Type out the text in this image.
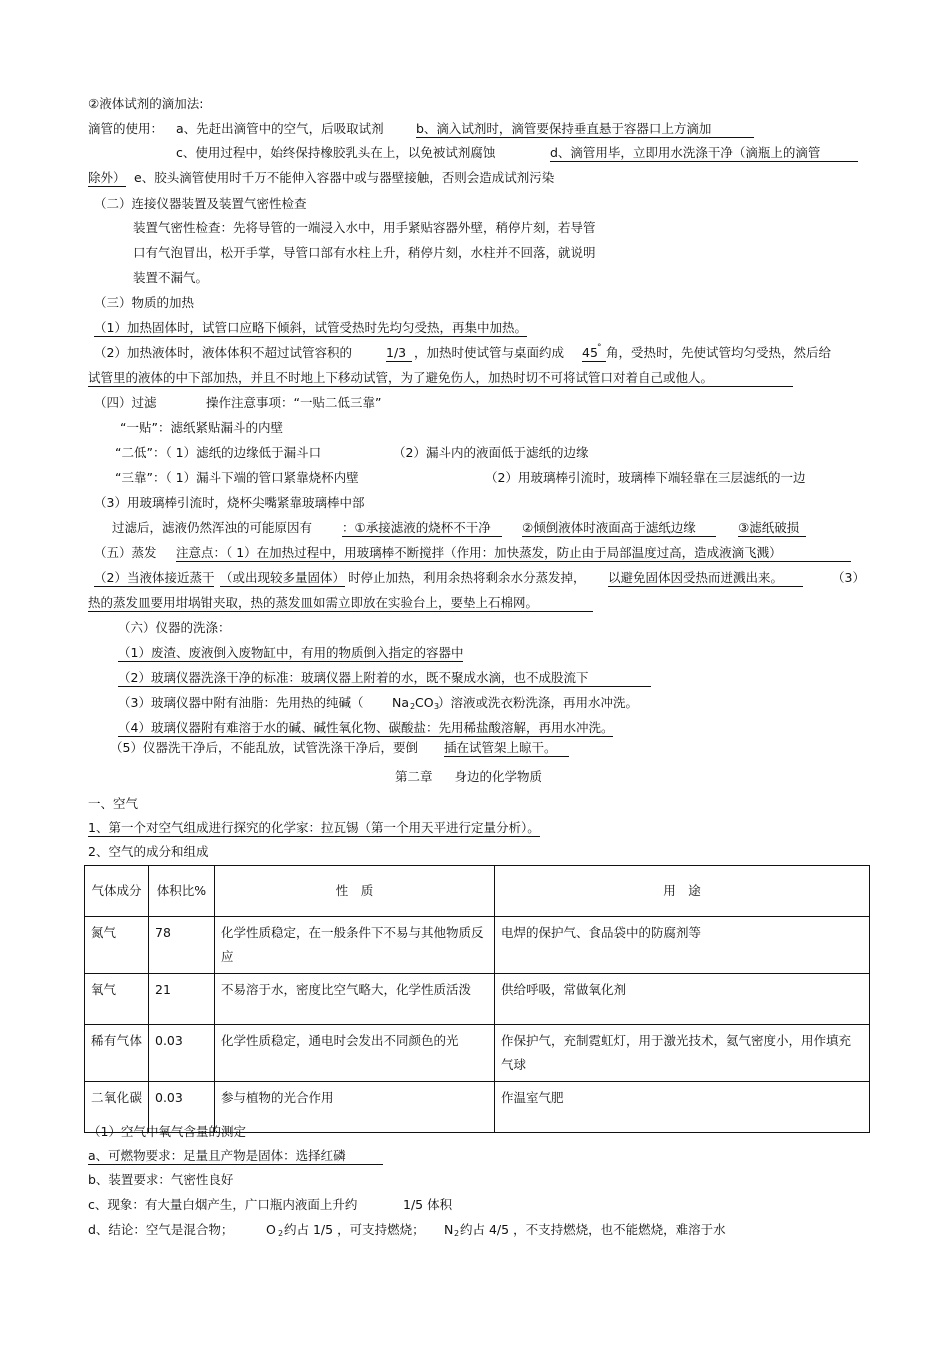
②液体试剂的滴加法:
滴管的使用： a、先赶出滴管中的空气，后吸取试剂	b、滴入试剂时，滴管要保持垂直悬于容器口上方滴加
c、使用过程中，始终保持橡胶乳头在上，以免被试剂腐蚀	d、滴管用毕，立即用水洗涤干净（滴瓶上的滴管
除外） e、胶头滴管使用时千万不能伸入容器中或与器壁接触，否则会造成试剂污染
（二）连接仪器装置及装置气密性检查
装置气密性检查：先将导管的一端浸入水中，用手紧贴容器外壁，稍停片刻，若导管
口有气泡冒出，松开手掌，导管口部有水柱上升，稍停片刻，水柱并不回落，就说明
装置不漏气。
（三）物质的加热
（1）加热固体时，试管口应略下倾斜，试管受热时先均匀受热，再集中加热。
（2）加热液体时，液体体积不超过试管容积的	1/3 ，加热时使试管与桌面约成 45 ° 角，受热时，先使试管均匀受热，然后给
试管里的液体的中下部加热，并且不时地上下移动试管，为了避免伤人，加热时切不可将试管口对着自己或他人。
（四）过滤	操作注意事项：“一贴二低三靠”
“一贴”：滤纸紧贴漏斗的内壁
“二低”：（ 1）滤纸的边缘低于漏斗口	（2）漏斗内的液面低于滤纸的边缘
“三靠”：（ 1）漏斗下端的管口紧靠烧杯内壁	（2）用玻璃棒引流时，玻璃棒下端轻靠在三层滤纸的一边
（3）用玻璃棒引流时，烧杯尖嘴紧靠玻璃棒中部
过滤后，滤液仍然浑浊的可能原因有 ：①承接滤液的烧杯不干净	②倾倒液体时液面高于滤纸边缘	③滤纸破损
（五）蒸发 注意点：（ 1）在加热过程中，用玻璃棒不断搅拌（作用：加快蒸发，防止由于局部温度过高，造成液滴飞溅）
（2）当液体接近蒸干 （或出现较多量固体） 时停止加热，利用余热将剩余水分蒸发掉， 以避免固体因受热而迸溅出来。	（3）
热的蒸发皿要用坩埚钳夹取，热的蒸发皿如需立即放在实验台上，要垫上石棉网。
（六）仪器的洗涤：
（1）废渣、废液倒入废物缸中，有用的物质倒入指定的容器中
（2）玻璃仪器洗涤干净的标准：玻璃仪器上附着的水，既不聚成水滴，也不成股流下
（3）玻璃仪器中附有油脂：先用热的纯碱（ Na 2 CO 3
）溶液或洗衣粉洗涤，再用水冲洗。
（4）玻璃仪器附有难溶于水的碱、碱性氧化物、碳酸盐：先用稀盐酸溶解，再用水冲洗。
（5）仪器洗干净后，不能乱放，试管洗涤干净后，要倒 插在试管架上晾干。
第二章 身边的化学物质
一、空气
1、第一个对空气组成进行探究的化学家：拉瓦锡（第一个用天平进行定量分析）。
2、空气的成分和组成
气体成分	体积比%	性　质	用　途
氮气	78	化学性质稳定，在一般条件下不易与其他物质反应	电焊的保护气、食品袋中的防腐剂等
氧气	21	不易溶于水，密度比空气略大，化学性质活泼	供给呼吸，常做氧化剂
稀有气体	0.03	化学性质稳定，通电时会发出不同颜色的光	作保护气，充制霓虹灯，用于激光技术，氦气密度小，用作填充气球
二氧化碳	0.03	参与植物的光合作用	作温室气肥
（1）空气中氧气含量的测定
a、可燃物要求：足量且产物是固体：选择红磷
b、装置要求：气密性良好
c、现象：有大量白烟产生，广口瓶内液面上升约	1/5 体积
d、结论：空气是混合物；	O 2 约占 1/5 ，可支持燃烧； N 2 约占 4/5 ，不支持燃烧，也不能燃烧，难溶于水
